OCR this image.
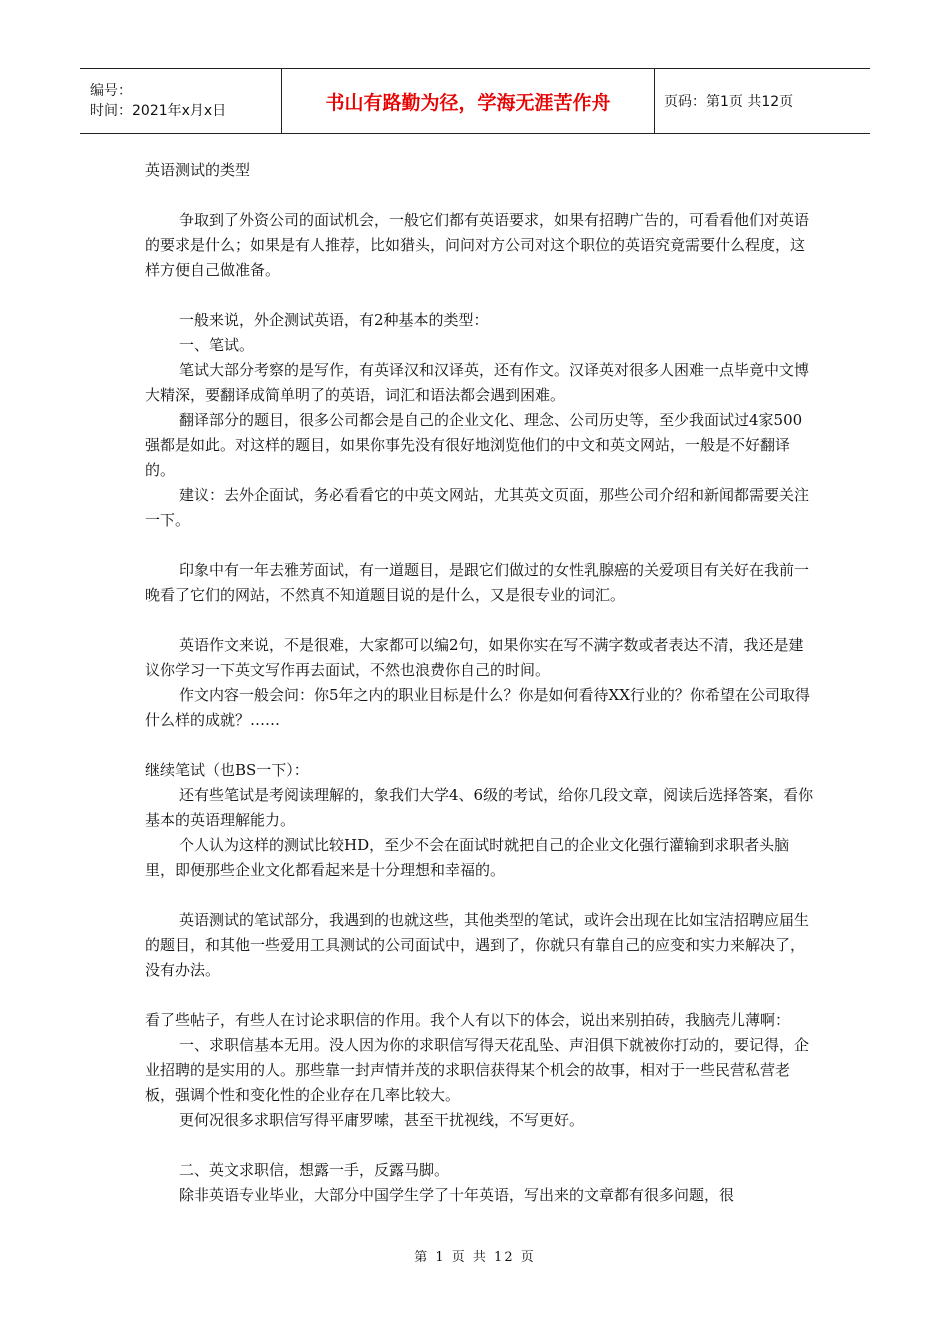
编号：
时间：2021年x月x日	书山有路勤为径，学海无涯苦作舟	页码：第1页 共12页

英语测试的类型

争取到了外资公司的面试机会，一般它们都有英语要求，如果有招聘广告的，可看看他们对英语的要求是什么；如果是有人推荐，比如猎头，问问对方公司对这个职位的英语究竟需要什么程度，这样方便自己做准备。

一般来说，外企测试英语，有2种基本的类型：

一、笔试。

笔试大部分考察的是写作，有英译汉和汉译英，还有作文。汉译英对很多人困难一点毕竟中文博大精深，要翻译成简单明了的英语，词汇和语法都会遇到困难。

翻译部分的题目，很多公司都会是自己的企业文化、理念、公司历史等，至少我面试过4家500强都是如此。对这样的题目，如果你事先没有很好地浏览他们的中文和英文网站，一般是不好翻译的。

建议：去外企面试，务必看看它的中英文网站，尤其英文页面，那些公司介绍和新闻都需要关注一下。

印象中有一年去雅芳面试，有一道题目，是跟它们做过的女性乳腺癌的关爱项目有关好在我前一晚看了它们的网站，不然真不知道题目说的是什么，又是很专业的词汇。

英语作文来说，不是很难，大家都可以编2句，如果你实在写不满字数或者表达不清，我还是建议你学习一下英文写作再去面试，不然也浪费你自己的时间。

作文内容一般会问：你5年之内的职业目标是什么？你是如何看待XX行业的？你希望在公司取得什么样的成就？……

继续笔试（也BS一下）：

还有些笔试是考阅读理解的，象我们大学4、6级的考试，给你几段文章，阅读后选择答案，看你基本的英语理解能力。

个人认为这样的测试比较HD，至少不会在面试时就把自己的企业文化强行灌输到求职者头脑里，即便那些企业文化都看起来是十分理想和幸福的。

英语测试的笔试部分，我遇到的也就这些，其他类型的笔试，或许会出现在比如宝洁招聘应届生的题目，和其他一些爱用工具测试的公司面试中，遇到了，你就只有靠自己的应变和实力来解决了，没有办法。

看了些帖子，有些人在讨论求职信的作用。我个人有以下的体会，说出来别拍砖，我脑壳儿薄啊：

一、求职信基本无用。没人因为你的求职信写得天花乱坠、声泪俱下就被你打动的，要记得，企业招聘的是实用的人。那些靠一封声情并茂的求职信获得某个机会的故事，相对于一些民营私营老板，强调个性和变化性的企业存在几率比较大。

更何况很多求职信写得平庸罗嗦，甚至干扰视线，不写更好。

二、英文求职信，想露一手，反露马脚。

除非英语专业毕业，大部分中国学生学了十年英语，写出来的文章都有很多问题，很

第 1 页 共 12 页
